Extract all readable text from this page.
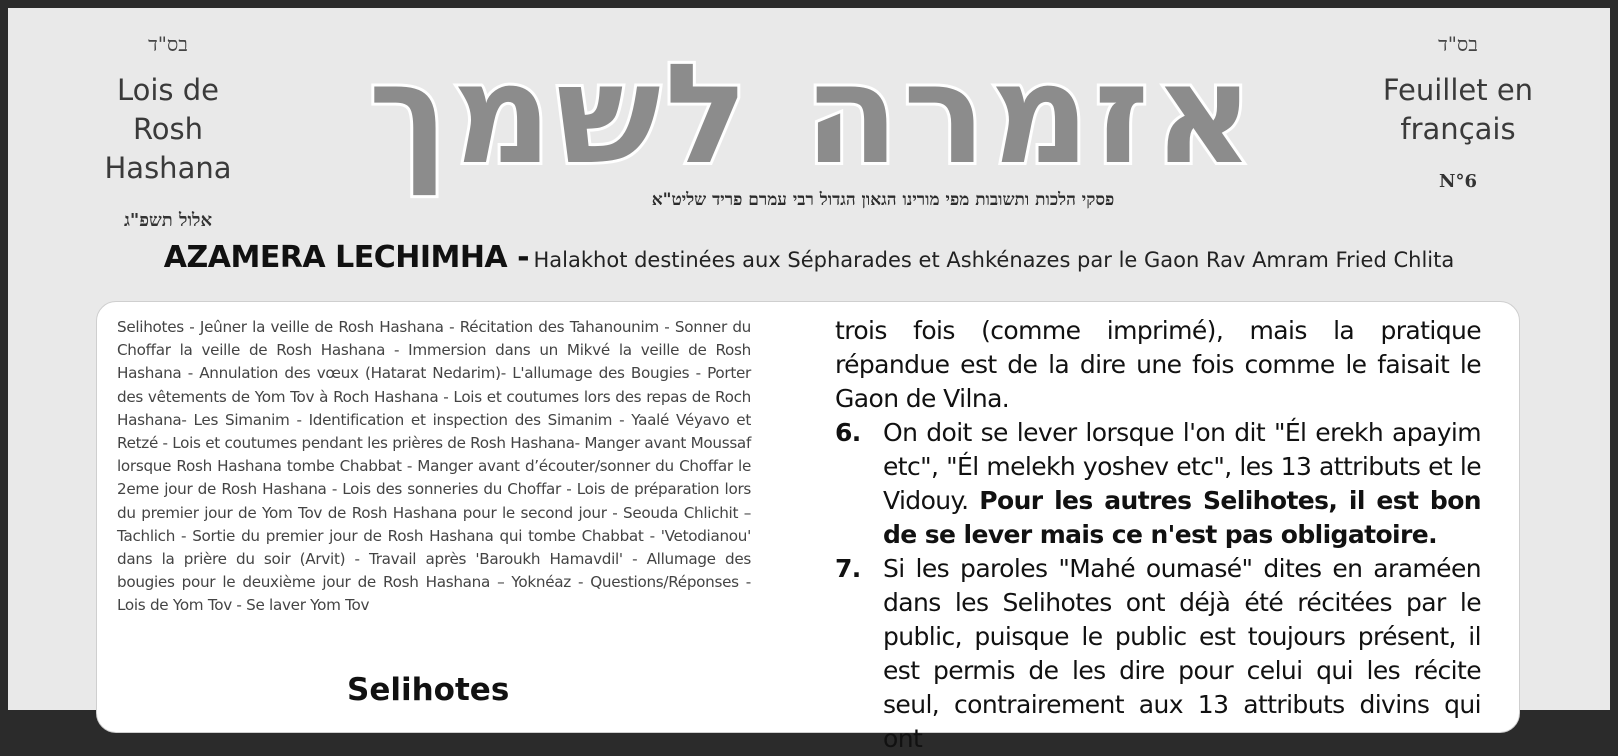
בס"ד
Lois de
Rosh Hashana
אלול תשפ"ג
בס"ד
Feuillet en
français
N°6
אזמרה לשמך
פסקי הלכות ותשובות מפי מורינו הגאון הגדול רבי עמרם פריד שליט"א
AZAMERA LECHIMHA - Halakhot destinées aux Sépharades et Ashkénazes par le Gaon Rav Amram Fried Chlita
Selihotes - Jeûner la veille de Rosh Hashana - Récitation des Tahanounim - Sonner du Choffar la veille de Rosh Hashana - Immersion dans un Mikvé la veille de Rosh Hashana - Annulation des vœux (Hatarat Nedarim)- L'allumage des Bougies - Porter des vêtements de Yom Tov à Roch Hashana - Lois et coutumes lors des repas de Roch Hashana- Les Simanim - Identification et inspection des Simanim - Yaalé Véyavo et Retzé - Lois et coutumes pendant les prières de Rosh Hashana- Manger avant Moussaf lorsque Rosh Hashana tombe Chabbat - Manger avant d’écouter/sonner du Choffar le 2eme jour de Rosh Hashana - Lois des sonneries du Choffar - Lois de préparation lors du premier jour de Yom Tov de Rosh Hashana pour le second jour - Seouda Chlichit – Tachlich - Sortie du premier jour de Rosh Hashana qui tombe Chabbat - 'Vetodianou' dans la prière du soir (Arvit) - Travail après 'Baroukh Hamavdil' - Allumage des bougies pour le deuxième jour de Rosh Hashana – Yoknéaz - Questions/Réponses - Lois de Yom Tov - Se laver Yom Tov
Selihotes

trois fois (comme imprimé), mais la pratique répandue est de la dire une fois comme le faisait le Gaon de Vilna.

6. On doit se lever lorsque l'on dit "Él erekh apayim etc", "Él melekh yoshev etc", les 13 attributs et le Vidouy. Pour les autres Selihotes, il est bon de se lever mais ce n'est pas obligatoire.
7. Si les paroles "Mahé oumasé" dites en araméen dans les Selihotes ont déjà été récitées par le public, puisque le public est toujours présent, il est permis de les dire pour celui qui les récite seul, contrairement aux 13 attributs divins qui ont
